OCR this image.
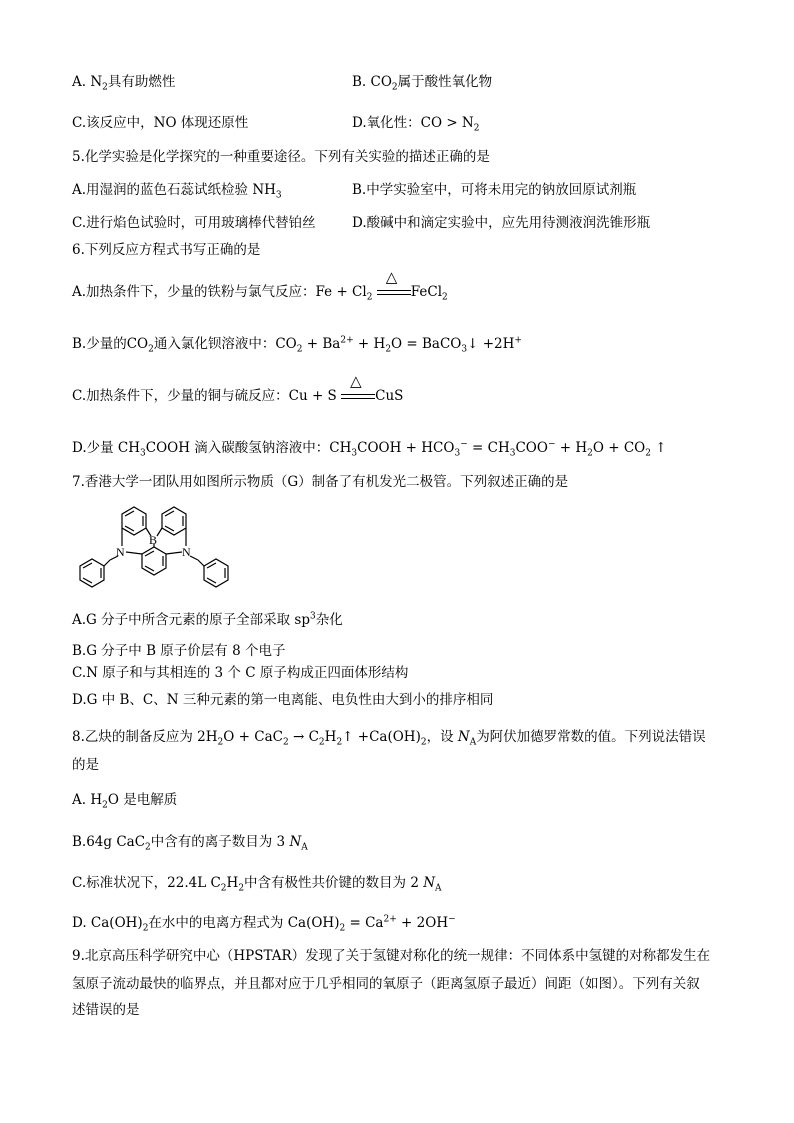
A. $N_2$具有助燃性	B. $CO_2$属于酸性氧化物
C.该反应中，NO 体现还原性	D.氧化性：CO > $N_2$
5.化学实验是化学探究的一种重要途径。下列有关实验的描述正确的是
A.用湿润的蓝色石蕊试纸检验 $NH_3$	B.中学实验室中，可将未用完的钠放回原试剂瓶
C.进行焰色试验时，可用玻璃棒代替铂丝	D.酸碱中和滴定实验中，应先用待测液润洗锥形瓶
6.下列反应方程式书写正确的是
A.加热条件下，少量的铁粉与氯气反应：$Fe + Cl_2$
△
FeCl$_2$
B.少量的$CO_2$通入氯化钡溶液中：$CO_2 + Ba^{2+} + H_2O$ = BaCO$_3$↓ +2H+
C.加热条件下，少量的铜与硫反应：Cu + S
△
CuS
D.少量 $CH_3COOH$ 滴入碳酸氢钠溶液中：$CH_3COOH + HCO_3^- = CH_3COO^- + H_2O + CO_2$ ↑
7.香港大学一团队用如图所示物质（G）制备了有机发光二极管。下列叙述正确的是
B
N	N
A.G 分子中所含元素的原子全部采取 $sp^3$杂化
B.G 分子中 B 原子价层有 8 个电子
C.N 原子和与其相连的 3 个 C 原子构成正四面体形结构
D.G 中 B、C、N 三种元素的第一电离能、电负性由大到小的排序相同
8.乙炔的制备反应为 $2H_2O + CaC_2$ → $C_2H_2↑ +Ca(OH)_2$，设 $N_A$为阿伏加德罗常数的值。下列说法错误
的是
A. $H_2O$ 是电解质
B.64g CaC$_2$中含有的离子数目为 3 $N_A$
C.标准状况下，22.4L $C_2H_2$中含有极性共价键的数目为 2 $N_A$
D. $Ca(OH)_2$在水中的电离方程式为 $Ca(OH)_2 = Ca^{2+} + 2OH^-$
9.北京高压科学研究中心（HPSTAR）发现了关于氢键对称化的统一规律：不同体系中氢键的对称都发生在
氢原子流动最快的临界点，并且都对应于几乎相同的氧原子（距离氢原子最近）间距（如图）。下列有关叙
述错误的是
